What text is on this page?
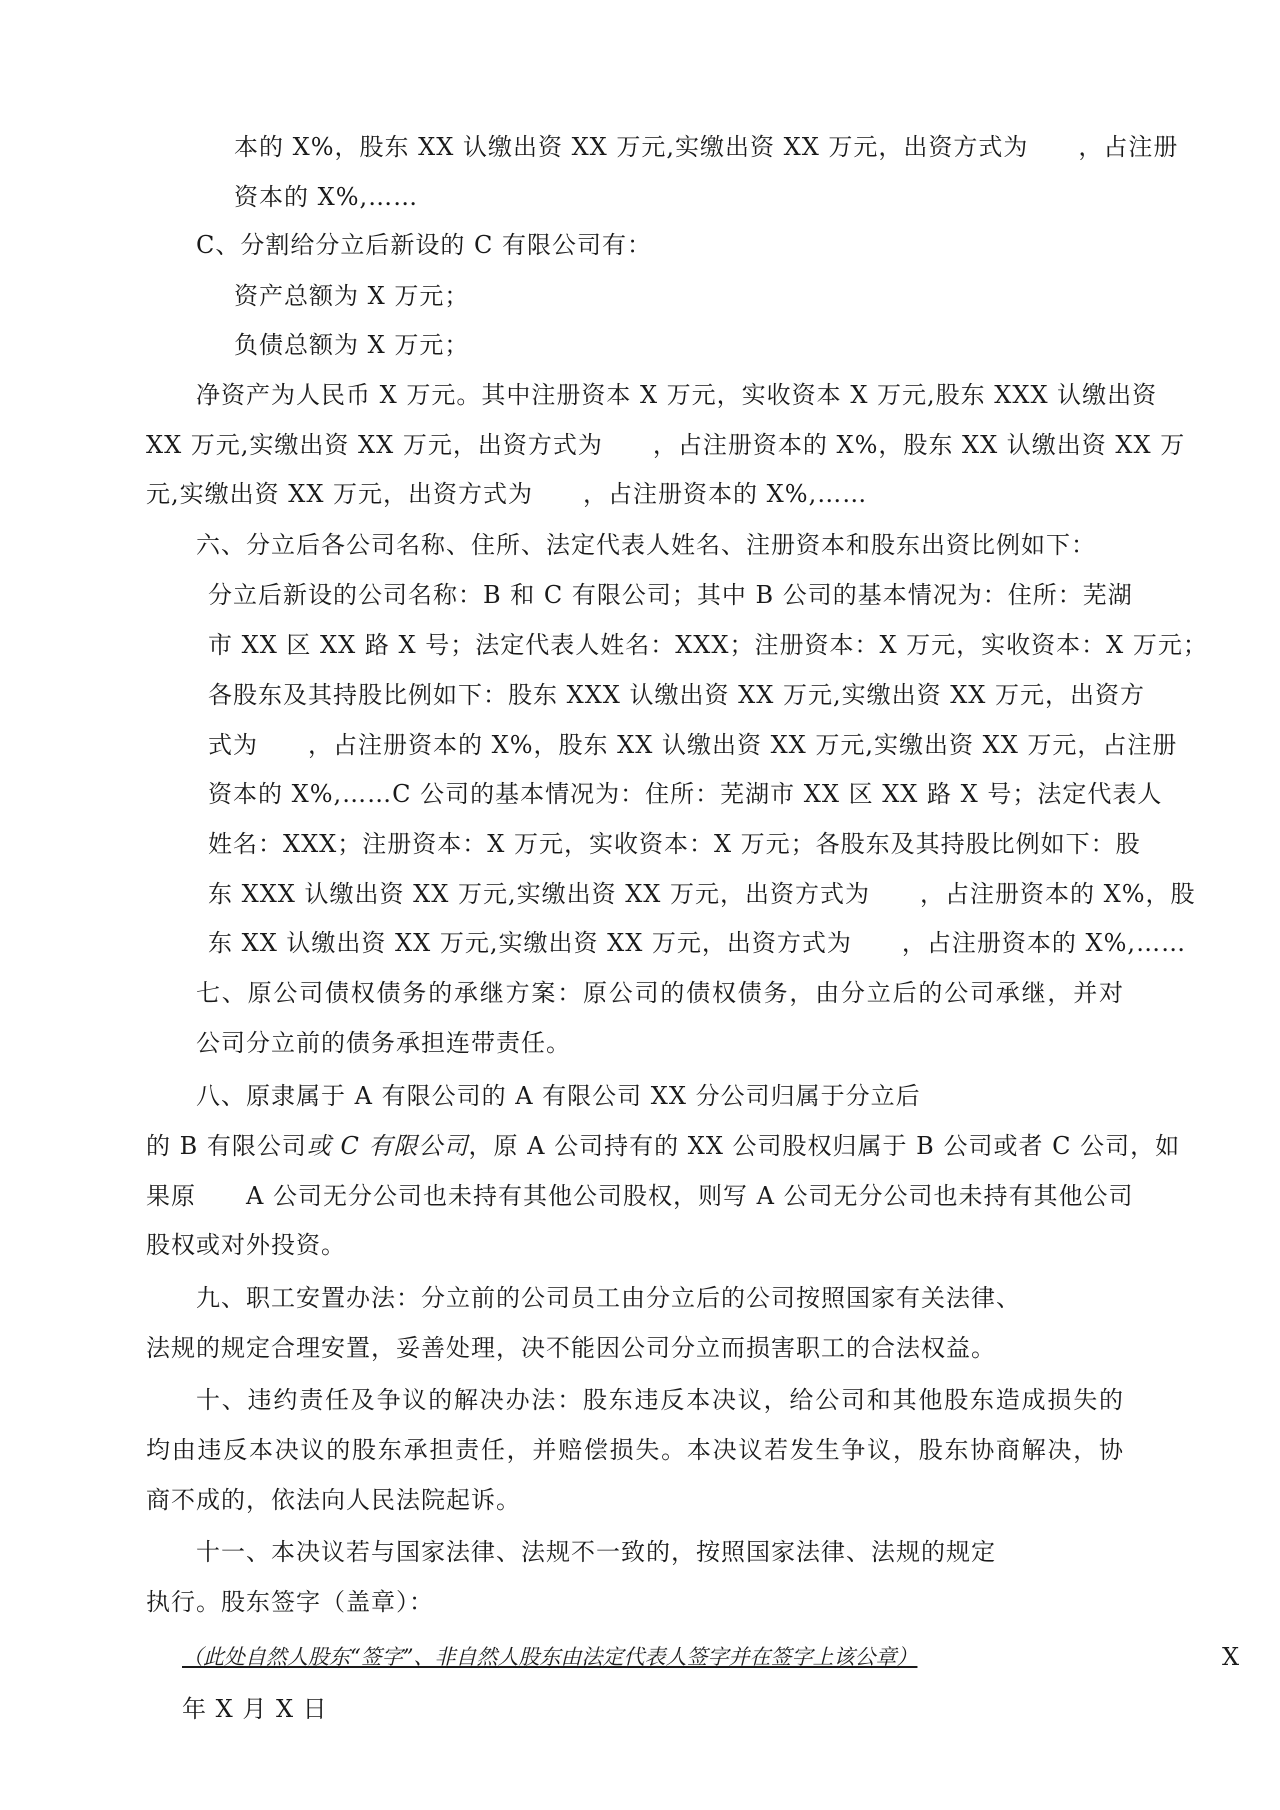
本的 X%，股东 XX 认缴出资 XX 万元,实缴出资 XX 万元，出资方式为　　，占注册

资本的 X%,……

C、分割给分立后新设的 C 有限公司有：

资产总额为 X 万元；

负债总额为 X 万元；

净资产为人民币 X 万元。其中注册资本 X 万元，实收资本 X 万元,股东 XXX 认缴出资

XX 万元,实缴出资 XX 万元，出资方式为　　，占注册资本的 X%，股东 XX 认缴出资 XX 万

元,实缴出资 XX 万元，出资方式为　　，占注册资本的 X%,……

六、分立后各公司名称、住所、法定代表人姓名、注册资本和股东出资比例如下：

分立后新设的公司名称：B 和 C 有限公司；其中 B 公司的基本情况为：住所：芜湖

市 XX 区 XX 路 X 号；法定代表人姓名：XXX；注册资本：X 万元，实收资本：X 万元；

各股东及其持股比例如下：股东 XXX 认缴出资 XX 万元,实缴出资 XX 万元，出资方

式为　　，占注册资本的 X%，股东 XX 认缴出资 XX 万元,实缴出资 XX 万元，占注册

资本的 X%,……C 公司的基本情况为：住所：芜湖市 XX 区 XX 路 X 号；法定代表人

姓名：XXX；注册资本：X 万元，实收资本：X 万元；各股东及其持股比例如下：股

东 XXX 认缴出资 XX 万元,实缴出资 XX 万元，出资方式为　　，占注册资本的 X%，股

东 XX 认缴出资 XX 万元,实缴出资 XX 万元，出资方式为　　，占注册资本的 X%,……

七、原公司债权债务的承继方案：原公司的债权债务，由分立后的公司承继，并对

公司分立前的债务承担连带责任。

八、原隶属于 A 有限公司的 A 有限公司 XX 分公司归属于分立后

的 B 有限公司或 C 有限公司，原 A 公司持有的 XX 公司股权归属于 B 公司或者 C 公司，如

果原　　A 公司无分公司也未持有其他公司股权，则写 A 公司无分公司也未持有其他公司

股权或对外投资。

九、职工安置办法：分立前的公司员工由分立后的公司按照国家有关法律、

法规的规定合理安置，妥善处理，决不能因公司分立而损害职工的合法权益。

十、违约责任及争议的解决办法：股东违反本决议，给公司和其他股东造成损失的

均由违反本决议的股东承担责任，并赔偿损失。本决议若发生争议，股东协商解决，协

商不成的，依法向人民法院起诉。

十一、本决议若与国家法律、法规不一致的，按照国家法律、法规的规定

执行。股东签字（盖章）：

（此处自然人股东“签字”、非自然人股东由法定代表人签字并在签字上该公章）	X
年 X 月 X 日
